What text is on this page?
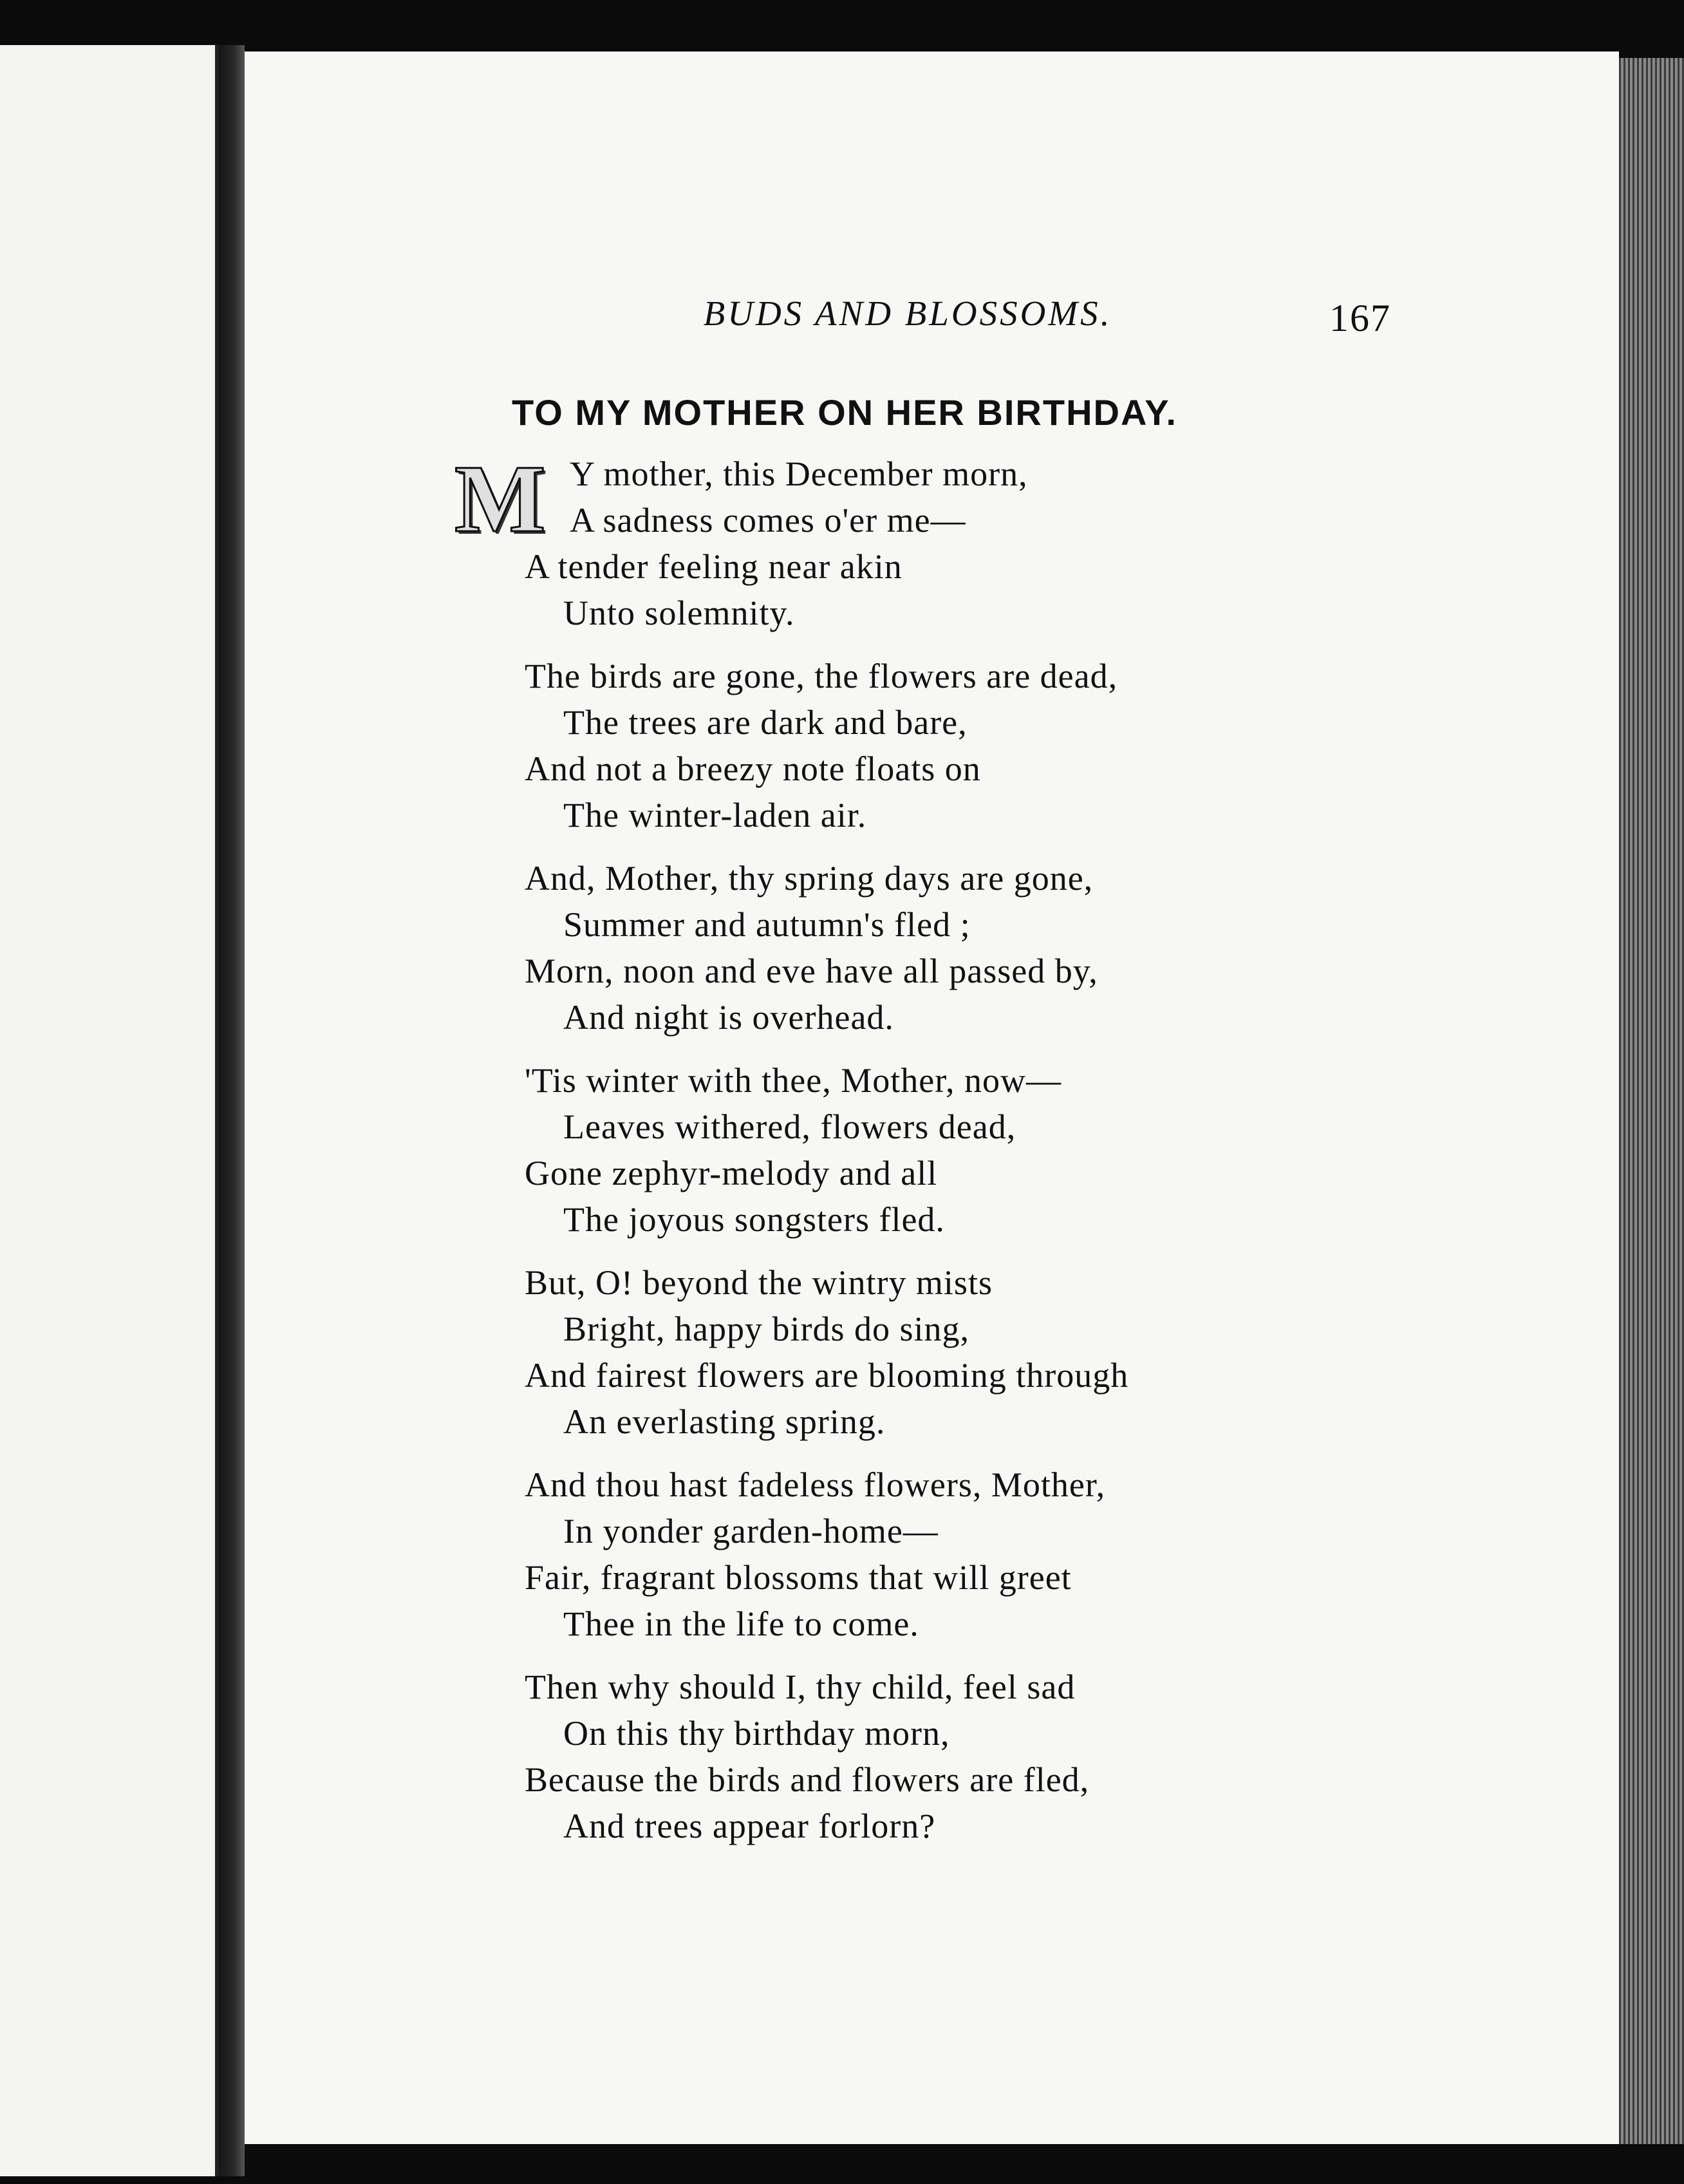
BUDS AND BLOSSOMS.	167
TO MY MOTHER ON HER BIRTHDAY.
M Y mother, this December morn,
A sadness comes o'er me—
A tender feeling near akin
Unto solemnity.
The birds are gone, the flowers are dead,
The trees are dark and bare,
And not a breezy note floats on
The winter-laden air.
And, Mother, thy spring days are gone,
Summer and autumn's fled ;
Morn, noon and eve have all passed by,
And night is overhead.
'Tis winter with thee, Mother, now—
Leaves withered, flowers dead,
Gone zephyr-melody and all
The joyous songsters fled.
But, O! beyond the wintry mists
Bright, happy birds do sing,
And fairest flowers are blooming through
An everlasting spring.
And thou hast fadeless flowers, Mother,
In yonder garden-home—
Fair, fragrant blossoms that will greet
Thee in the life to come.
Then why should I, thy child, feel sad
On this thy birthday morn,
Because the birds and flowers are fled,
And trees appear forlorn?
